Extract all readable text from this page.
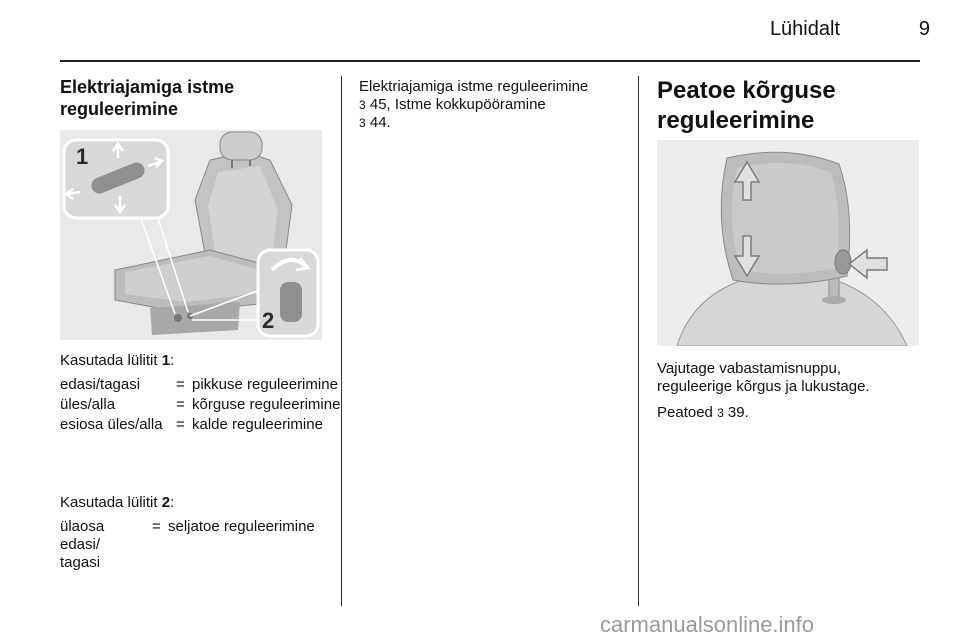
Lühidalt	9
Elektriajamiga istme reguleerimine
1
2

Kasutada lülitit 1:

edasi/tagasi	=	pikkuse reguleerimine
üles/alla	=	kõrguse reguleerimine
esiosa üles/alla	=	kalde reguleerimine

Kasutada lülitit 2:

ülaosa edasi/ tagasi	=	seljatoe reguleerimine
Elektriajamiga istme reguleerimine
3 45, Istme kokkupööramine
3 44.
Peatoe kõrguse reguleerimine

Vajutage vabastamisnuppu, reguleerige kõrgus ja lukustage.

Peatoed 3 39.

carmanualsonline.info
